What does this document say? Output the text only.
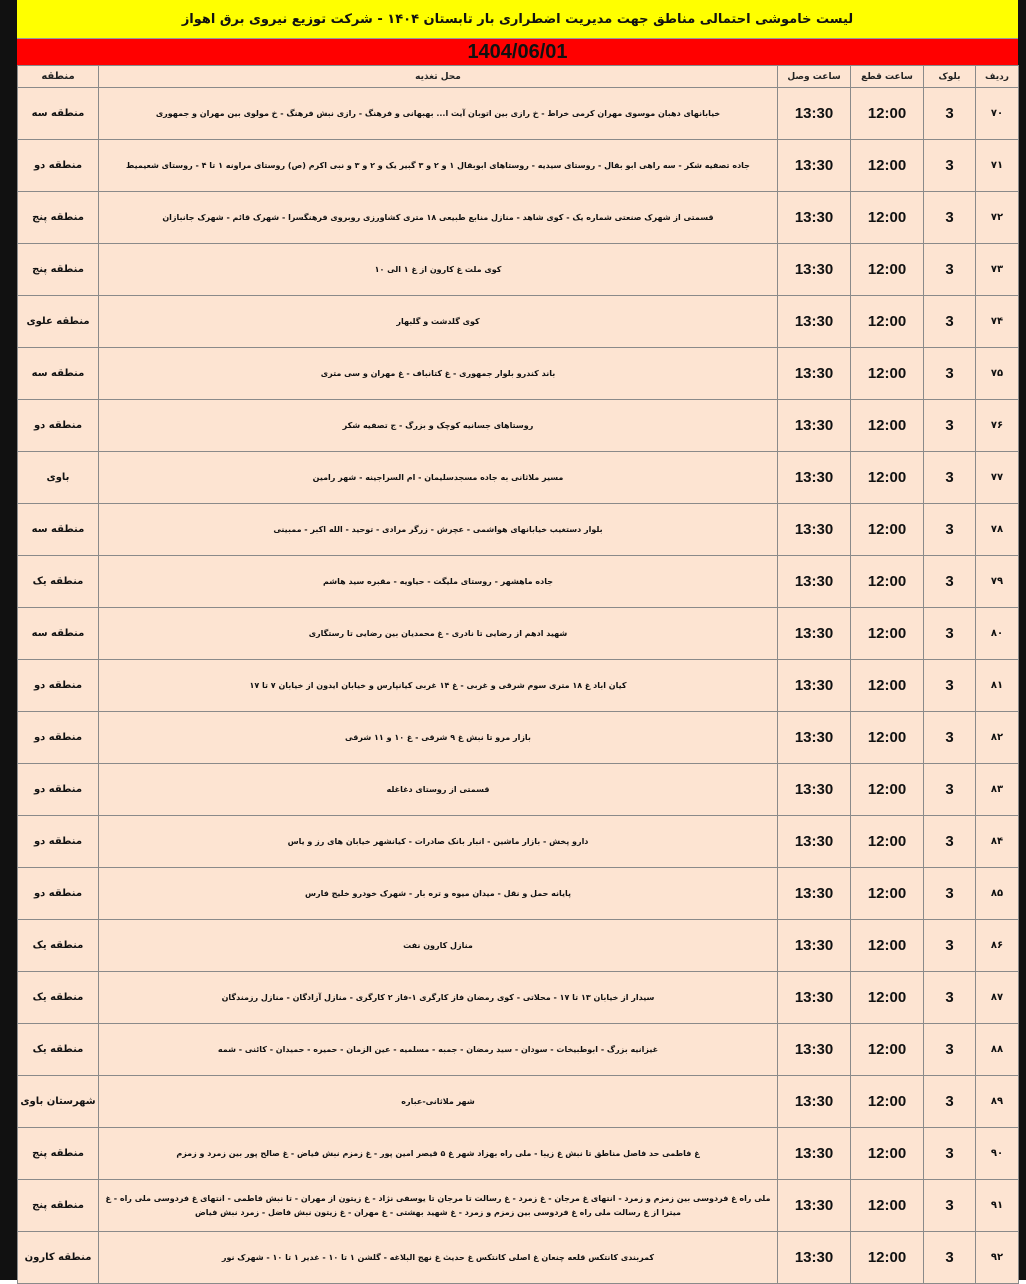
لیست خاموشی احتمالی مناطق جهت مدیریت اضطراری بار تابستان ۱۴۰۴ - شرکت توزیع نیروی برق اهواز
1404/06/01
ردیف	بلوک	ساعت قطع	ساعت وصل	محل تغذیه	منطقه
۷۰	3	12:00	13:30	خیابانهای دهبان موسوی مهران کرمی خراط - خ رازی بین اتوبان آیت ا... بهبهانی و فرهنگ - رازی نبش فرهنگ - خ مولوی بین مهران و جمهوری	منطقه سه
۷۱	3	12:00	13:30	جاده تصفیه شکر - سه راهی ابو بقال - روستای سیدیه - روستاهای ابوبقال ۱ و ۲ و ۳ گبیر یک و ۲ و ۳ و نبی اکرم (ص) روستای مراونه ۱ تا ۴ - روستای شعیمیط	منطقه دو
۷۲	3	12:00	13:30	قسمتی از شهرک صنعتی شماره یک - کوی شاهد - منازل منابع طبیعی ۱۸ متری کشاورزی روبروی فرهنگسرا - شهرک قائم - شهرک جانبازان	منطقه پنج
۷۳	3	12:00	13:30	کوی ملت غ کارون از غ ۱ الی ۱۰	منطقه پنج
۷۴	3	12:00	13:30	کوی گلدشت و گلبهار	منطقه علوی
۷۵	3	12:00	13:30	باند کندرو بلوار جمهوری - غ کتانباف - غ مهران و سی متری	منطقه سه
۷۶	3	12:00	13:30	روستاهای جسانیه کوچک و بزرگ - ج تصفیه شکر	منطقه دو
۷۷	3	12:00	13:30	مسیر ملاثانی به جاده مسجدسلیمان - ام السراجینه - شهر رامین	باوی
۷۸	3	12:00	13:30	بلوار دستغیب خیابانهای هواشمی - عچرش - زرگر مرادی - توحید - الله اکبر - ممبینی	منطقه سه
۷۹	3	12:00	13:30	جاده ماهشهر - روستای ملیگت - حیاویه - مقبره سید هاشم	منطقه یک
۸۰	3	12:00	13:30	شهید ادهم از رضایی تا نادری - غ محمدیان بین رضایی تا رستگاری	منطقه سه
۸۱	3	12:00	13:30	کیان اباد غ ۱۸ متری سوم شرقی و غربی - غ ۱۴ غربی کیانپارس و خیابان ایدون از خیابان ۷ تا ۱۷	منطقه دو
۸۲	3	12:00	13:30	بازار مرو تا نبش غ ۹ شرقی - غ ۱۰ و ۱۱ شرقی	منطقه دو
۸۳	3	12:00	13:30	قسمتی از روستای دغاغله	منطقه دو
۸۴	3	12:00	13:30	دارو پخش - بازار ماشین - انبار بانک صادرات - کیانشهر خیابان های رز و یاس	منطقه دو
۸۵	3	12:00	13:30	پایانه حمل و نقل - میدان میوه و تره بار - شهرک خودرو خلیج فارس	منطقه دو
۸۶	3	12:00	13:30	منازل کارون نفت	منطقه یک
۸۷	3	12:00	13:30	سیدار از خیابان ۱۳ تا ۱۷ - محلاتی - کوی رمضان فاز کارگری ۱-فاز ۲ کارگری - منازل آزادگان - منازل رزمندگان	منطقه یک
۸۸	3	12:00	13:30	غیزانیه بزرگ - ابوطبیخات - سودان - سید رمضان - جمبه - مسلمیه - عین الزمان - حمیره - حمیدان - کائنی - شمه	منطقه یک
۸۹	3	12:00	13:30	شهر ملاثانی-عباره	شهرستان باوی
۹۰	3	12:00	13:30	غ فاطمی حد فاصل مناطق تا نبش غ زیبا - ملی راه بهزاد شهر غ ۵ قیصر امین پور - غ زمزم نبش فیاض - غ صالح پور بین زمرد و زمزم	منطقه پنج
۹۱	3	12:00	13:30	ملی راه غ فردوسی بین زمزم و زمرد - انتهای غ مرجان - غ زمرد - غ رسالت تا مرجان تا یوسفی نژاد - غ زیتون از مهران - تا نبش فاطمی - انتهای غ فردوسی ملی راه - غ میترا از غ رسالت ملی راه غ فردوسی بین زمزم و زمرد - غ شهید بهشتی - غ مهران - غ زیتون نبش فاضل - زمرد نبش فیاض	منطقه پنج
۹۲	3	12:00	13:30	کمربندی کانتکس قلعه چنعان غ اصلی کانتکس غ حدیث غ نهج البلاغه - گلشن ۱ تا ۱۰ - غدیر ۱ تا ۱۰ - شهرک نور	منطقه کارون
